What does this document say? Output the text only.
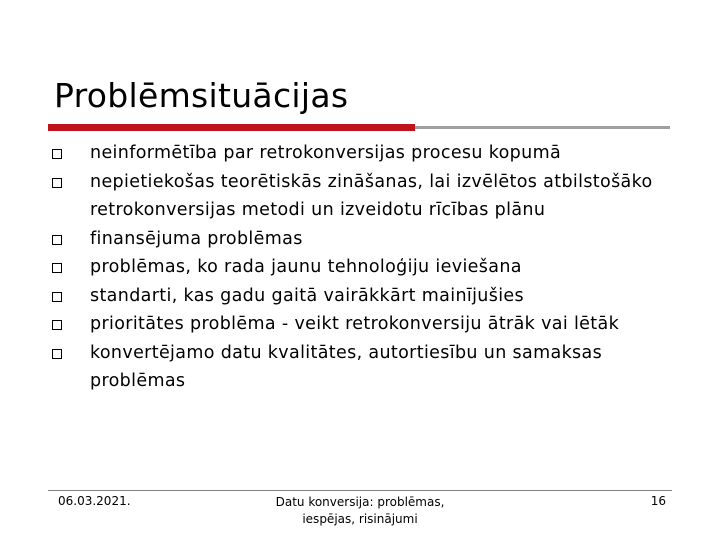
Problēmsituācijas
neinformētība par retrokonversijas procesu kopumā
nepietiekošas teorētiskās zināšanas, lai izvēlētos atbilstošāko retrokonversijas metodi un izveidotu rīcības plānu
finansējuma problēmas
problēmas, ko rada jaunu tehnoloģiju ieviešana
standarti, kas gadu gaitā vairākkārt mainījušies
prioritātes problēma - veikt retrokonversiju ātrāk vai lētāk
konvertējamo datu kvalitātes, autortiesību un samaksas problēmas
06.03.2021.	Datu konversija: problēmas, iespējas, risinājumi
16
